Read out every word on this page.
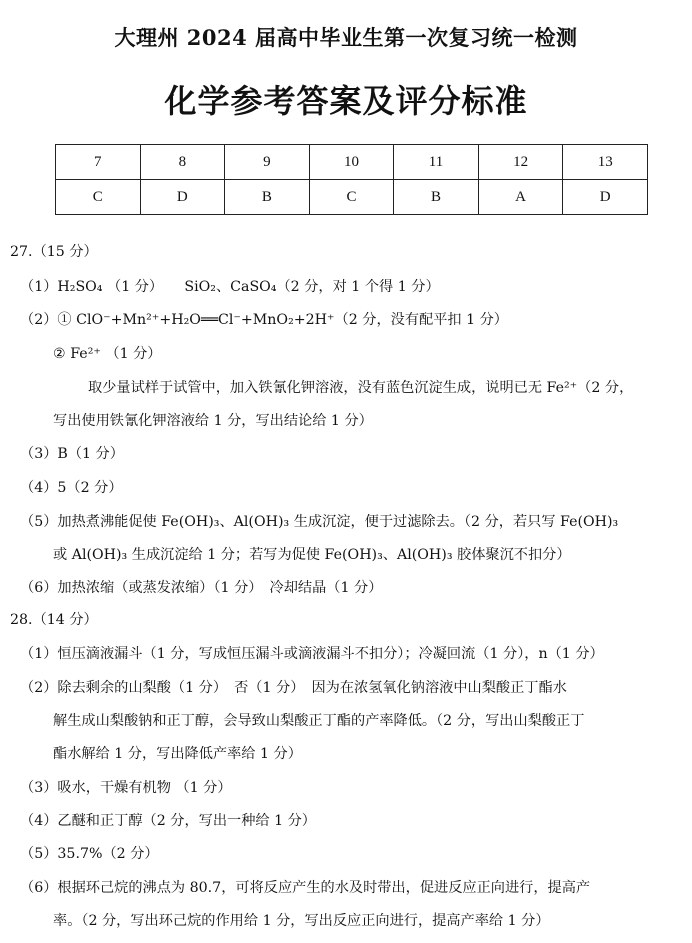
大理州 2024 届高中毕业生第一次复习统一检测
化学参考答案及评分标准
7	8	9	10	11	12	13
C	D	B	C	B	A	D
27.（15 分）
（1）H₂SO₄ （1 分）　　SiO₂、CaSO₄（2 分，对 1 个得 1 分）
（2）① ClO⁻+Mn²⁺+H₂O══Cl⁻+MnO₂+2H⁺（2 分，没有配平扣 1 分）
② Fe²⁺ （1 分）
取少量试样于试管中，加入铁氰化钾溶液，没有蓝色沉淀生成，说明已无 Fe²⁺（2 分，
写出使用铁氰化钾溶液给 1 分，写出结论给 1 分）
（3）B（1 分）
（4）5（2 分）
（5）加热煮沸能促使 Fe(OH)₃、Al(OH)₃ 生成沉淀，便于过滤除去。（2 分，若只写 Fe(OH)₃
或 Al(OH)₃ 生成沉淀给 1 分；若写为促使 Fe(OH)₃、Al(OH)₃ 胶体聚沉不扣分）
（6）加热浓缩（或蒸发浓缩）（1 分）　冷却结晶（1 分）
28.（14 分）
（1）恒压滴液漏斗（1 分，写成恒压漏斗或滴液漏斗不扣分）；冷凝回流（1 分），n（1 分）
（2）除去剩余的山梨酸（1 分）　否（1 分）　因为在浓氢氧化钠溶液中山梨酸正丁酯水
解生成山梨酸钠和正丁醇，会导致山梨酸正丁酯的产率降低。（2 分，写出山梨酸正丁
酯水解给 1 分，写出降低产率给 1 分）
（3）吸水，干燥有机物 （1 分）
（4）乙醚和正丁醇（2 分，写出一种给 1 分）
（5）35.7%（2 分）
（6）根据环己烷的沸点为 80.7，可将反应产生的水及时带出，促进反应正向进行，提高产
率。（2 分，写出环己烷的作用给 1 分，写出反应正向进行，提高产率给 1 分）
